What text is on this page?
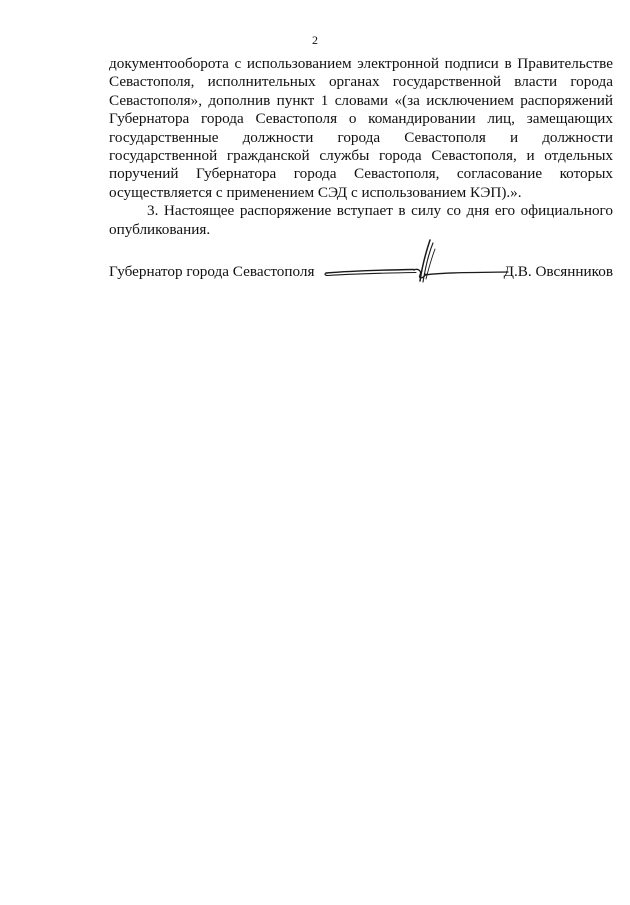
2

документооборота с использованием электронной подписи в Правительстве Севастополя, исполнительных органах государственной власти города Севастополя», дополнив пункт 1 словами «(за исключением распоряжений Губернатора города Севастополя о командировании лиц, замещающих государственные должности города Севастополя и должности государственной гражданской службы города Севастополя, и отдельных поручений Губернатора города Севастополя, согласование которых осуществляется с применением СЭД с использованием КЭП).».

3. Настоящее распоряжение вступает в силу со дня его официального опубликования.

Губернатор города Севастополя	Д.В. Овсянников
